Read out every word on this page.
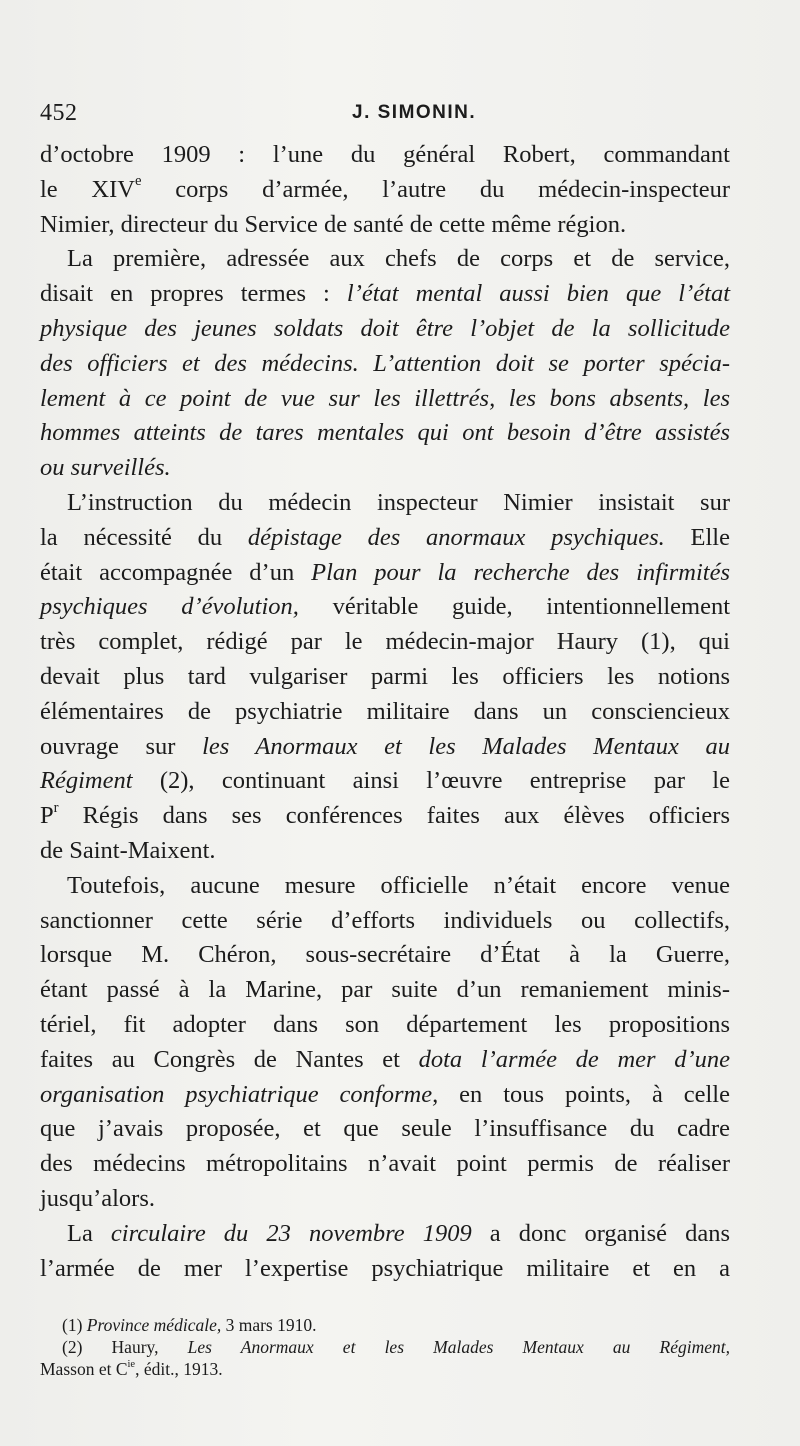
452	J. SIMONIN.
d’octobre 1909 : l’une du général Robert, commandant
le XIVe corps d’armée, l’autre du médecin-inspecteur
Nimier, directeur du Service de santé de cette même région.
La première, adressée aux chefs de corps et de service,
disait en propres termes : l’état mental aussi bien que l’état
physique des jeunes soldats doit être l’objet de la sollicitude
des officiers et des médecins. L’attention doit se porter spécia-
lement à ce point de vue sur les illettrés, les bons absents, les
hommes atteints de tares mentales qui ont besoin d’être assistés
ou surveillés.
L’instruction du médecin inspecteur Nimier insistait sur
la nécessité du dépistage des anormaux psychiques. Elle
était accompagnée d’un Plan pour la recherche des infirmités
psychiques d’évolution, véritable guide, intentionnellement
très complet, rédigé par le médecin-major Haury (1), qui
devait plus tard vulgariser parmi les officiers les notions
élémentaires de psychiatrie militaire dans un consciencieux
ouvrage sur les Anormaux et les Malades Mentaux au
Régiment (2), continuant ainsi l’œuvre entreprise par le
$P^r$ Régis dans ses conférences faites aux élèves officiers
de Saint-Maixent.
Toutefois, aucune mesure officielle n’était encore venue
sanctionner cette série d’efforts individuels ou collectifs,
lorsque M. Chéron, sous-secrétaire d’État à la Guerre,
étant passé à la Marine, par suite d’un remaniement minis-
tériel, fit adopter dans son département les propositions
faites au Congrès de Nantes et dota l’armée de mer d’une
organisation psychiatrique conforme, en tous points, à celle
que j’avais proposée, et que seule l’insuffisance du cadre
des médecins métropolitains n’avait point permis de réaliser
jusqu’alors.
La circulaire du 23 novembre 1909 a donc organisé dans
l’armée de mer l’expertise psychiatrique militaire et en a
(1) Province médicale, 3 mars 1910.
(2) Haury, Les Anormaux et les Malades Mentaux au Régiment,
Masson et $C^{ie}$, édit., 1913.
